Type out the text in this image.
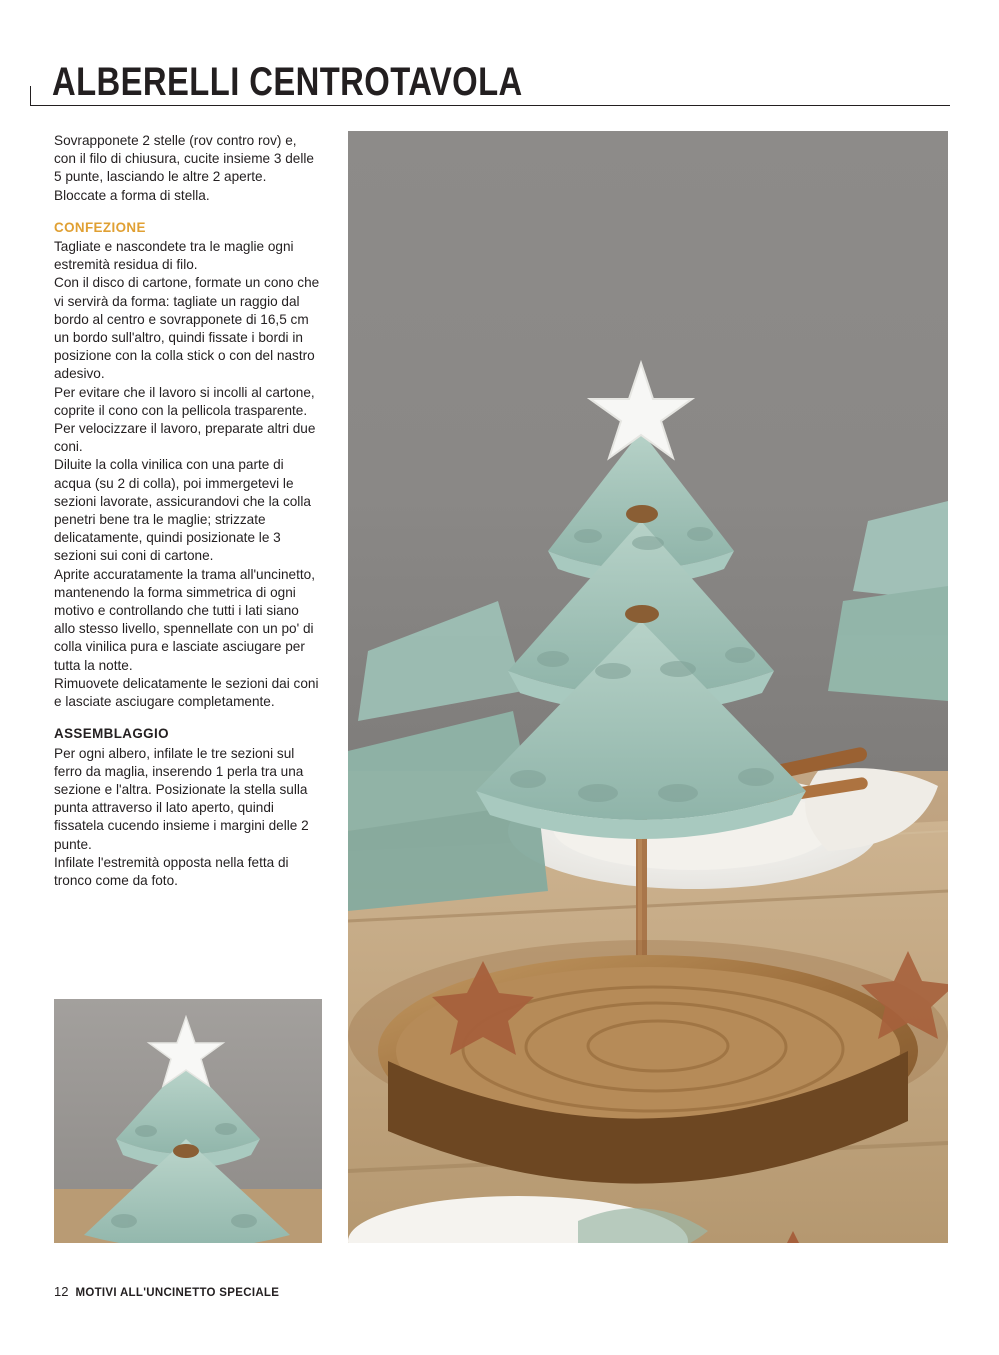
ALBERELLI CENTROTAVOLA

Sovrapponete 2 stelle (rov contro rov) e, con il filo di chiusura, cucite insieme 3 delle 5 punte, lasciando le altre 2 aperte. Bloccate a forma di stella.

CONFEZIONE

Tagliate e nascondete tra le maglie ogni estremità residua di filo.

Con il disco di cartone, formate un cono che vi servirà da forma: tagliate un raggio dal bordo al centro e sovrapponete di 16,5 cm un bordo sull'altro, quindi fissate i bordi in posizione con la colla stick o con del nastro adesivo.

Per evitare che il lavoro si incolli al cartone, coprite il cono con la pellicola trasparente. Per velocizzare il lavoro, preparate altri due coni.

Diluite la colla vinilica con una parte di acqua (su 2 di colla), poi immergetevi le sezioni lavorate, assicurandovi che la colla penetri bene tra le maglie; strizzate delicatamente, quindi posizionate le 3 sezioni sui coni di cartone.

Aprite accuratamente la trama all'uncinetto, mantenendo la forma simmetrica di ogni motivo e controllando che tutti i lati siano allo stesso livello, spennellate con un po' di colla vinilica pura e lasciate asciugare per tutta la notte.

Rimuovete delicatamente le sezioni dai coni e lasciate asciugare completamente.

ASSEMBLAGGIO

Per ogni albero, infilate le tre sezioni sul ferro da maglia, inserendo 1 perla tra una sezione e l'altra. Posizionate la stella sulla punta attraverso il lato aperto, quindi fissatela cucendo insieme i margini delle 2 punte.

Infilate l'estremità opposta nella fetta di tronco come da foto.

12 MOTIVI ALL'UNCINETTO SPECIALE
